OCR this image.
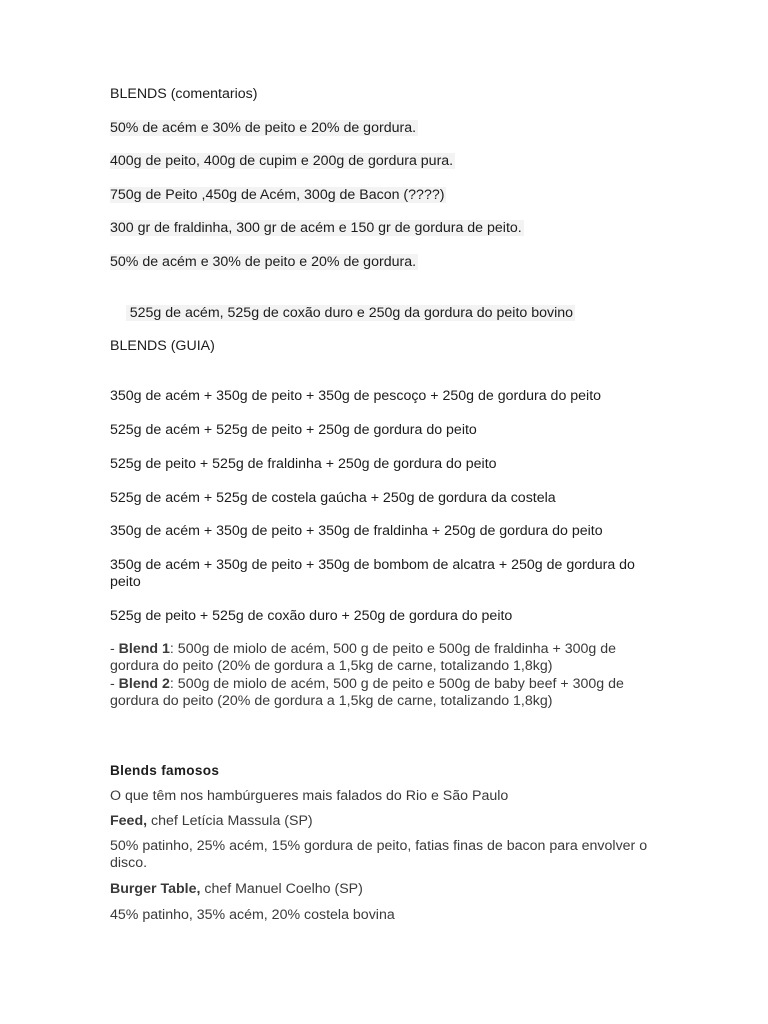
BLENDS (comentarios)
50% de acém e 30% de peito e 20% de gordura.
400g de peito, 400g de cupim e 200g de gordura pura.
750g de Peito ,450g de Acém, 300g de Bacon (????)
300 gr de fraldinha, 300 gr de acém e 150 gr de gordura de peito.
50% de acém e 30% de peito e 20% de gordura.

525g de acém, 525g de coxão duro e 250g da gordura do peito bovino

BLENDS (GUIA)
350g de acém + 350g de peito + 350g de pescoço + 250g de gordura do peito
525g de acém + 525g de peito + 250g de gordura do peito
525g de peito + 525g de fraldinha + 250g de gordura do peito
525g de acém + 525g de costela gaúcha + 250g de gordura da costela
350g de acém + 350g de peito + 350g de fraldinha + 250g de gordura do peito
350g de acém + 350g de peito + 350g de bombom de alcatra + 250g de gordura do peito
525g de peito + 525g de coxão duro + 250g de gordura do peito
- Blend 1: 500g de miolo de acém, 500 g de peito e 500g de fraldinha + 300g de gordura do peito (20% de gordura a 1,5kg de carne, totalizando 1,8kg)
- Blend 2: 500g de miolo de acém, 500 g de peito e 500g de baby beef + 300g de gordura do peito (20% de gordura a 1,5kg de carne, totalizando 1,8kg)
Blends famosos
O que têm nos hambúrgueres mais falados do Rio e São Paulo
Feed, chef Letícia Massula (SP)
50% patinho, 25% acém, 15% gordura de peito, fatias finas de bacon para envolver o disco.
Burger Table, chef Manuel Coelho (SP)
45% patinho, 35% acém, 20% costela bovina
